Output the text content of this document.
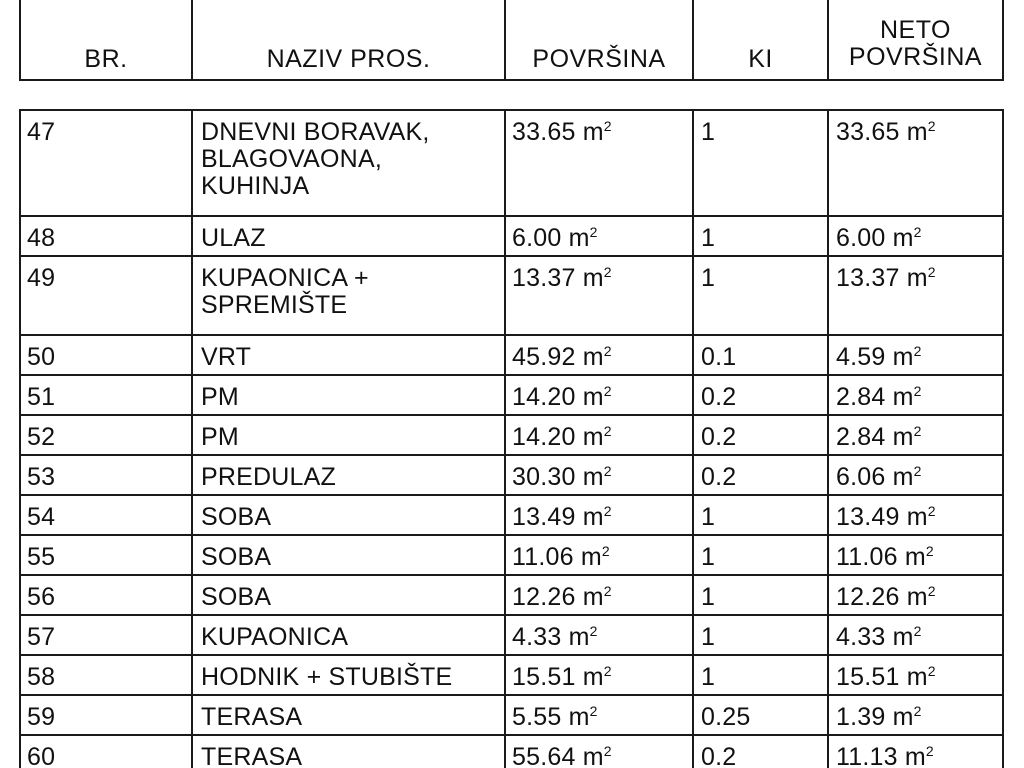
BR.	NAZIV PROS.	POVRŠINA	KI	NETO
POVRŠINA
47	DNEVNI BORAVAK,
BLAGOVAONA,
KUHINJA	33.65 $m^2$	1	33.65 $m^2$
48	ULAZ	6.00 $m^2$	1	6.00 $m^2$
49	KUPAONICA +
SPREMIŠTE	13.37 $m^2$	1	13.37 $m^2$
50	VRT	45.92 $m^2$	0.1	4.59 $m^2$
51	PM	14.20 $m^2$	0.2	2.84 $m^2$
52	PM	14.20 $m^2$	0.2	2.84 $m^2$
53	PREDULAZ	30.30 $m^2$	0.2	6.06 $m^2$
54	SOBA	13.49 $m^2$	1	13.49 $m^2$
55	SOBA	11.06 $m^2$	1	11.06 $m^2$
56	SOBA	12.26 $m^2$	1	12.26 $m^2$
57	KUPAONICA	4.33 $m^2$	1	4.33 $m^2$
58	HODNIK + STUBIŠTE	15.51 $m^2$	1	15.51 $m^2$
59	TERASA	5.55 $m^2$	0.25	1.39 $m^2$
60	TERASA	55.64 $m^2$	0.2	11.13 $m^2$
